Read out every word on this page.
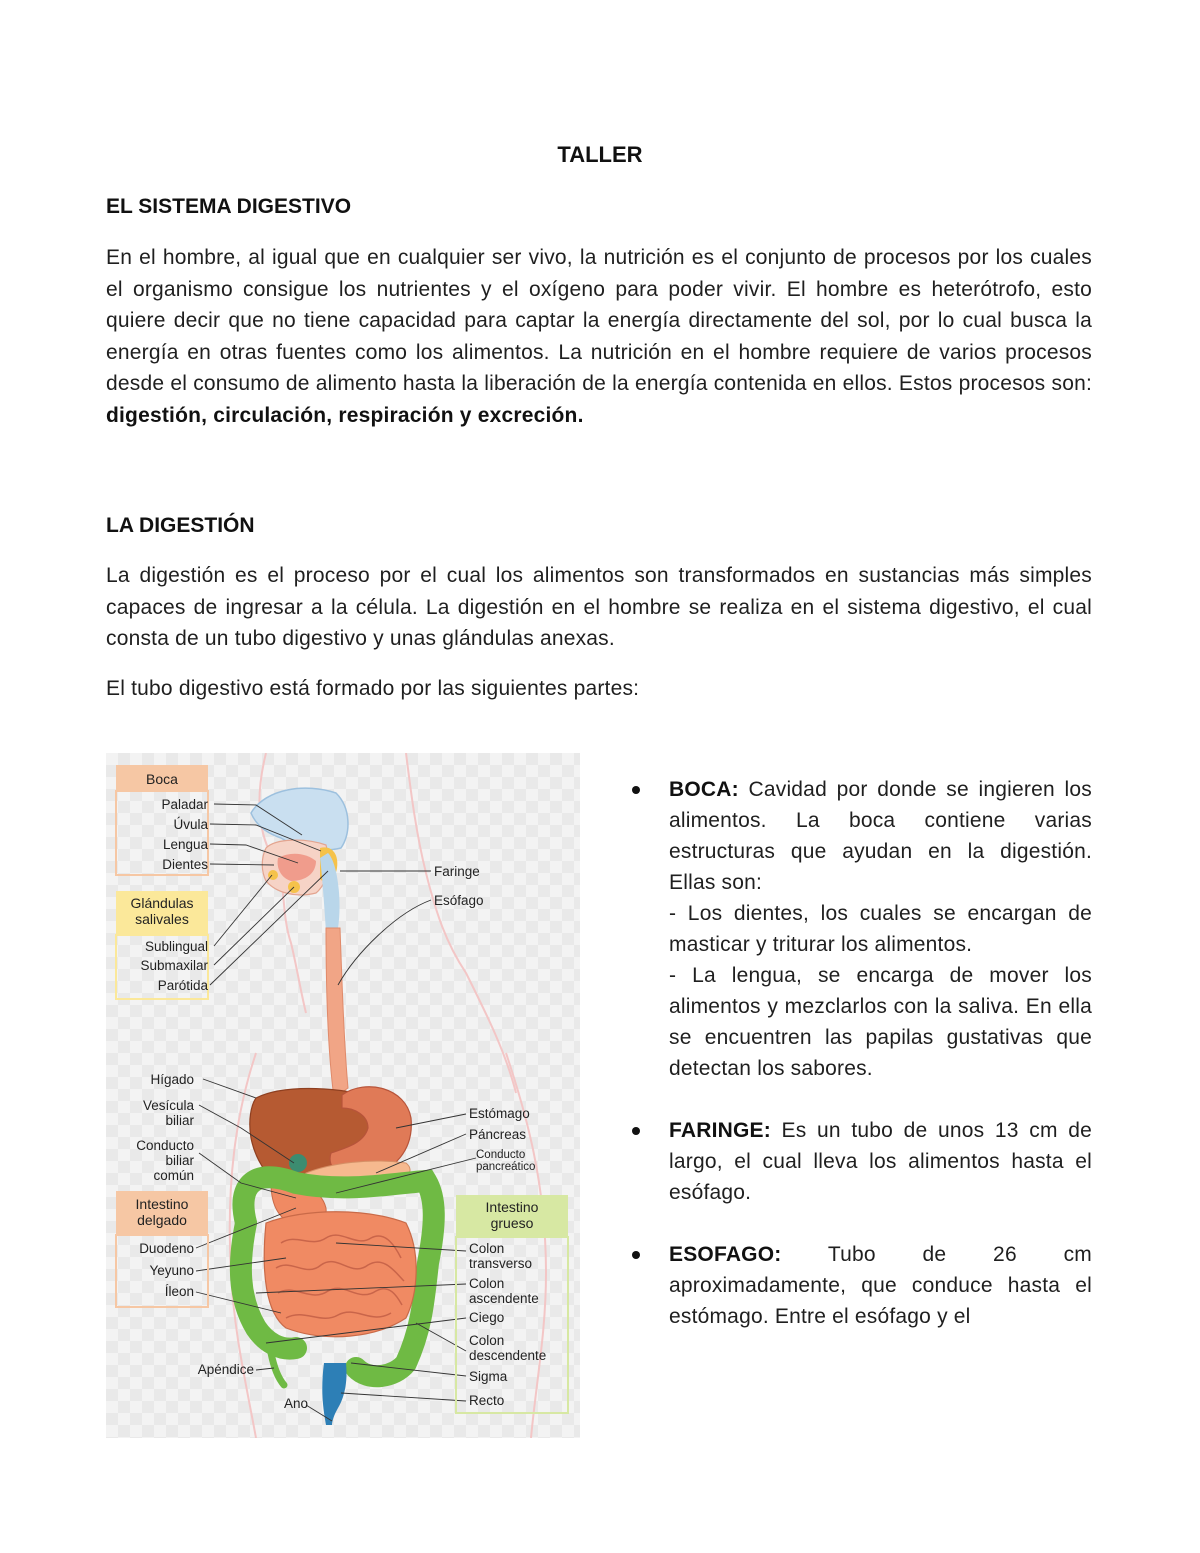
TALLER
EL SISTEMA DIGESTIVO
En el hombre, al igual que en cualquier ser vivo, la nutrición es el conjunto de procesos por los cuales el organismo consigue los nutrientes y el oxígeno para poder vivir. El hombre es heterótrofo, esto quiere decir que no tiene capacidad para captar la energía directamente del sol, por lo cual busca la energía en otras fuentes como los alimentos. La nutrición en el hombre requiere de varios procesos desde el consumo de alimento hasta la liberación de la energía contenida en ellos. Estos procesos son: digestión, circulación, respiración y excreción.
LA DIGESTIÓN
La digestión es el proceso por el cual los alimentos son transformados en sustancias más simples capaces de ingresar a la célula. La digestión en el hombre se realiza en el sistema digestivo, el cual consta de un tubo digestivo y unas glándulas anexas.
El tubo digestivo está formado por las siguientes partes:
Boca
Glándulas
salivales
Intestino
delgado
Intestino
grueso
Paladar
Úvula
Lengua
Dientes
Sublingual
Submaxilar
Parótida
Faringe
Esófago
Hígado
Vesícula
biliar
Conducto
biliar
común
Estómago
Páncreas
Conducto
pancreático
Duodeno
Yeyuno
Íleon
Colon
transverso
Colon
ascendente
Ciego
Colon
descendente
Sigma
Recto
Apéndice
Ano
BOCA: Cavidad por donde se ingieren los alimentos. La boca contiene varias estructuras que ayudan en la digestión. Ellas son:
- Los dientes, los cuales se encargan de masticar y triturar los alimentos.
- La lengua, se encarga de mover los alimentos y mezclarlos con la saliva. En ella se encuentren las papilas gustativas que detectan los sabores.
FARINGE: Es un tubo de unos 13 cm de largo, el cual lleva los alimentos hasta el esófago.
ESOFAGO: Tubo de 26 cm aproximadamente, que conduce hasta el estómago. Entre el esófago y el
